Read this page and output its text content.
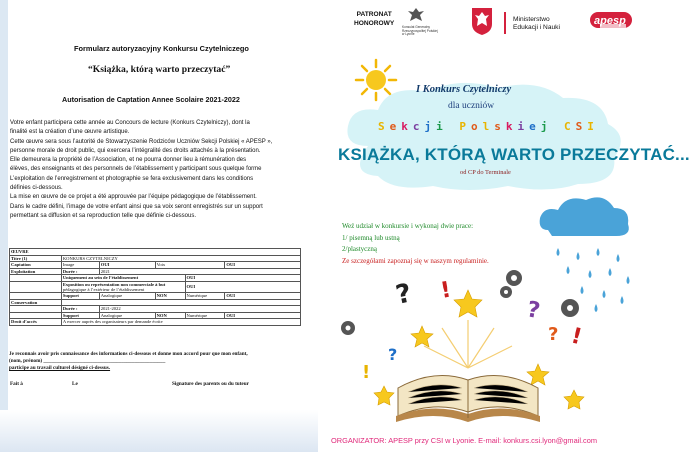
Formularz autoryzacyjny Konkursu Czytelniczego
“Książka, którą warto przeczytać”
Autorisation de Captation Annee Scolaire 2021-2022
Votre enfant participera cette année au Concours de lecture (Konkurs Czytelniczy), dont la
finalité est la création d’une œuvre artistique.
Cette œuvre sera sous l’autorité de Stowarzyszenie Rodziców Uczniów Sekcji Polskiej « APESP »,
personne morale de droit public, qui exercera l’intégralité des droits attachés à la présentation.
Elle demeurera la propriété de l’Association, et ne pourra donner lieu à rémunération des
élèves, des enseignants et des personnels de l’établissement y participant sous quelque forme
L’exploitation de l’enregistrement et photographie se fera exclusivement dans les conditions
définies ci-dessous.
La mise en œuvre de ce projet a été approuvée par l’équipe pédagogique de l’établissement.
Dans le cadre défini, l’image de votre enfant ainsi que sa voix seront enregistrés sur un support
permettant sa diffusion et sa reproduction telle que définie ci-dessous.
ŒUVRE					
Titre (1)	KONKURS CZYTELNICZY				
Captation	Image	OUI	Voix		OUI
Exploitation	Durée :	2021			
	Uniquement au sein de l’établissement			OUI	
	Exposition ou représentation non commerciale à but
pédagogique à l’extérieur de l’établissement			OUI	
	Support	Analogique	NON	Numérique	OUI
Conservation					
	Durée :	2021-2022			
	Support	Analogique	NON	Numérique	OUI
Droit d’accès	A exercer auprès des organisateurs par demande écrite				
Je reconnais avoir pris connaissance des informations ci-dessous et donne mon accord pour que mon enfant,
(nom, prénom) _______________________________________________
participe au travail culturel désigné ci-dessus.
Fait à	Le	Signature des parents ou du tuteur
PATRONAT
HONOROWY Konsulat Generalny
Rzeczypospolitej Polskiej
w Lyonie
Ministerstwo
Edukacji i Nauki
apesp
I Konkurs Czytelniczy
dla uczniów
Sekcji Polskiej CSI
KSIĄŻKA, KTÓRĄ WARTO PRZECZYTAĆ...
od CP do Terminale
Weź udział w konkursie i wykonaj dwie prace:
1/ pisemną lub ustną
2/plastyczną
Ze szczegółami zapoznaj się w naszym regulaminie.
?	?
?
?
!
!
!
ORGANIZATOR: APESP przy CSI w Lyonie. E-mail: konkurs.csi.lyon@gmail.com
